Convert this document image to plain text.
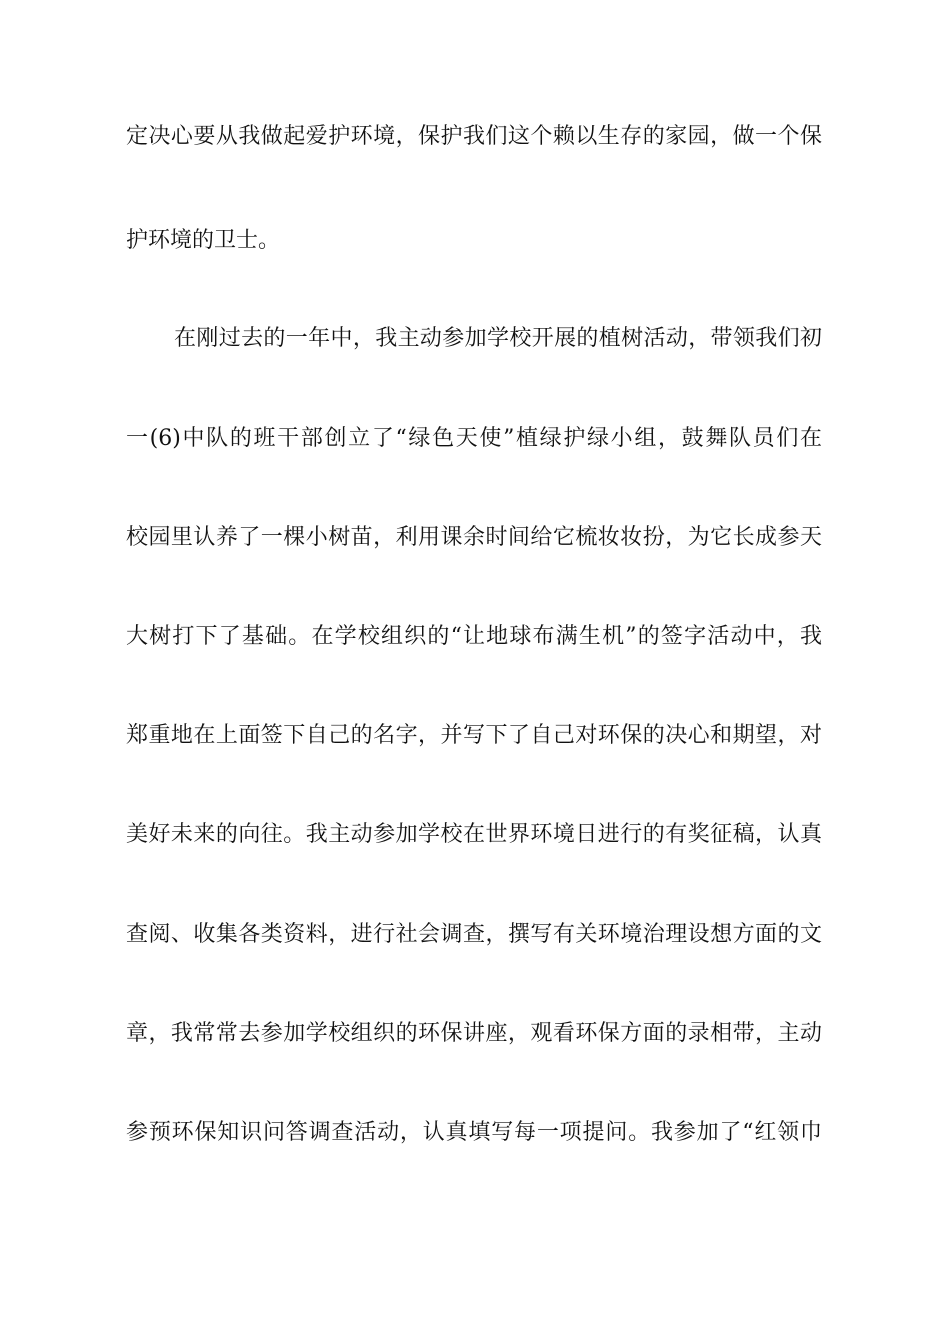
定决心要从我做起爱护环境，保护我们这个赖以生存的家园，做一个保
护环境的卫士。
在刚过去的一年中，我主动参加学校开展的植树活动，带领我们初
一(6)中队的班干部创立了“绿色天使”植绿护绿小组，鼓舞队员们在
校园里认养了一棵小树苗，利用课余时间给它梳妆妆扮，为它长成参天
大树打下了基础。在学校组织的“让地球布满生机”的签字活动中，我
郑重地在上面签下自己的名字，并写下了自己对环保的决心和期望，对
美好未来的向往。我主动参加学校在世界环境日进行的有奖征稿，认真
查阅、收集各类资料，进行社会调查，撰写有关环境治理设想方面的文
章，我常常去参加学校组织的环保讲座，观看环保方面的录相带，主动
参预环保知识问答调查活动，认真填写每一项提问。我参加了“红领巾
